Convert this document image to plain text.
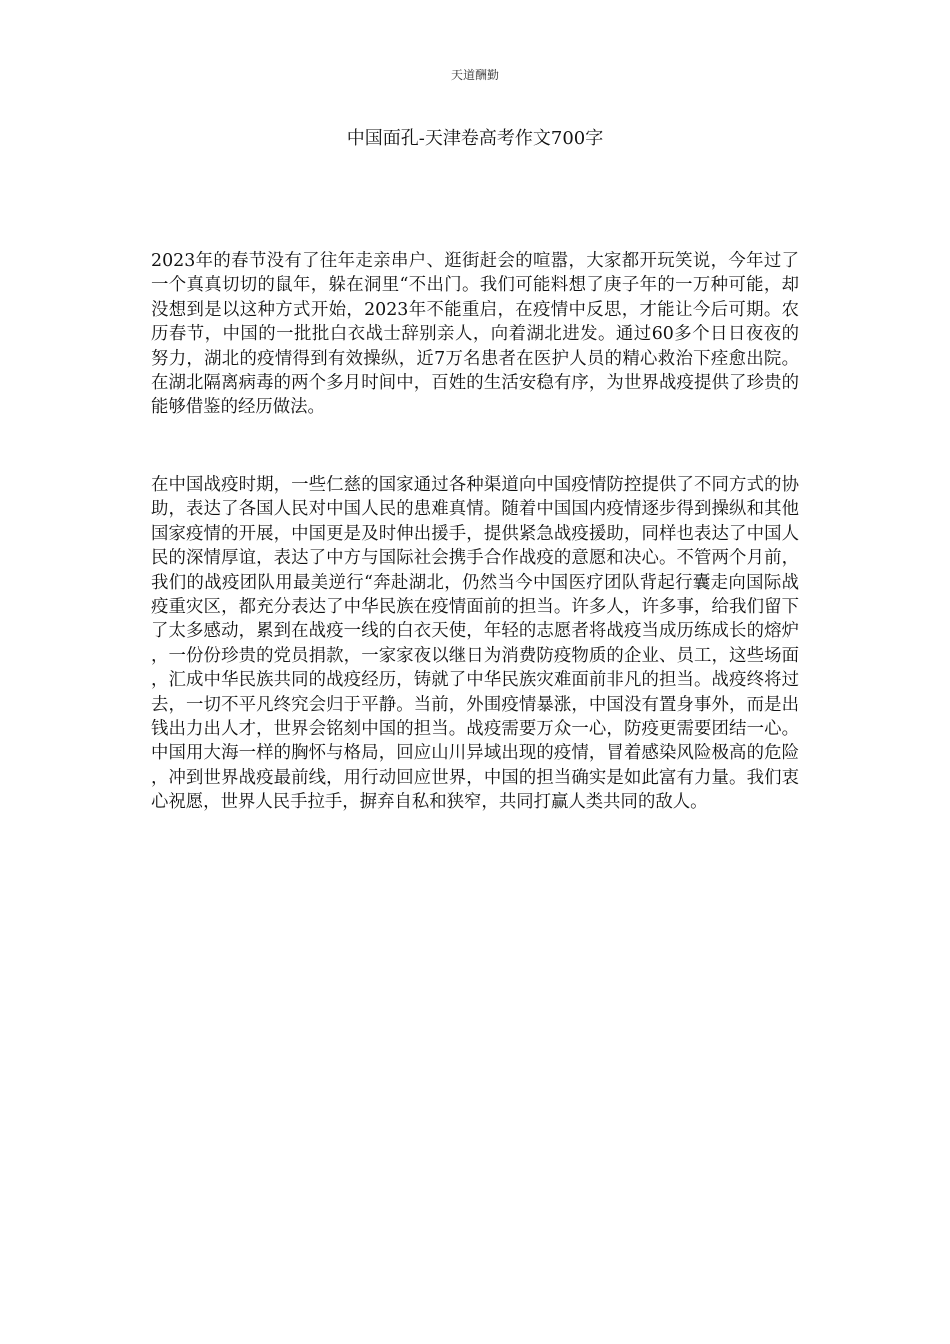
天道酬勤
中国面孔-天津卷高考作文700字

2023年的春节没有了往年走亲串户、逛街赶会的喧嚣，大家都开玩笑说，今年过了一个真真切切的鼠年，躲在洞里“不出门。我们可能料想了庚子年的一万种可能，却没想到是以这种方式开始，2023年不能重启，在疫情中反思，才能让今后可期。农历春节，中国的一批批白衣战士辞别亲人，向着湖北进发。通过60多个日日夜夜的努力，湖北的疫情得到有效操纵，近7万名患者在医护人员的精心救治下痊愈出院。在湖北隔离病毒的两个多月时间中，百姓的生活安稳有序，为世界战疫提供了珍贵的能够借鉴的经历做法。

在中国战疫时期，一些仁慈的国家通过各种渠道向中国疫情防控提供了不同方式的协助，表达了各国人民对中国人民的患难真情。随着中国国内疫情逐步得到操纵和其他国家疫情的开展，中国更是及时伸出援手，提供紧急战疫援助，同样也表达了中国人民的深情厚谊，表达了中方与国际社会携手合作战疫的意愿和决心。不管两个月前，我们的战疫团队用最美逆行“奔赴湖北，仍然当今中国医疗团队背起行囊走向国际战疫重灾区，都充分表达了中华民族在疫情面前的担当。许多人，许多事，给我们留下了太多感动，累到在战疫一线的白衣天使，年轻的志愿者将战疫当成历练成长的熔炉，一份份珍贵的党员捐款，一家家夜以继日为消费防疫物质的企业、员工，这些场面，汇成中华民族共同的战疫经历，铸就了中华民族灾难面前非凡的担当。战疫终将过去，一切不平凡终究会归于平静。当前，外围疫情暴涨，中国没有置身事外，而是出钱出力出人才，世界会铭刻中国的担当。战疫需要万众一心，防疫更需要团结一心。中国用大海一样的胸怀与格局，回应山川异域出现的疫情，冒着感染风险极高的危险，冲到世界战疫最前线，用行动回应世界，中国的担当确实是如此富有力量。我们衷心祝愿，世界人民手拉手，摒弃自私和狭窄，共同打赢人类共同的敌人。
